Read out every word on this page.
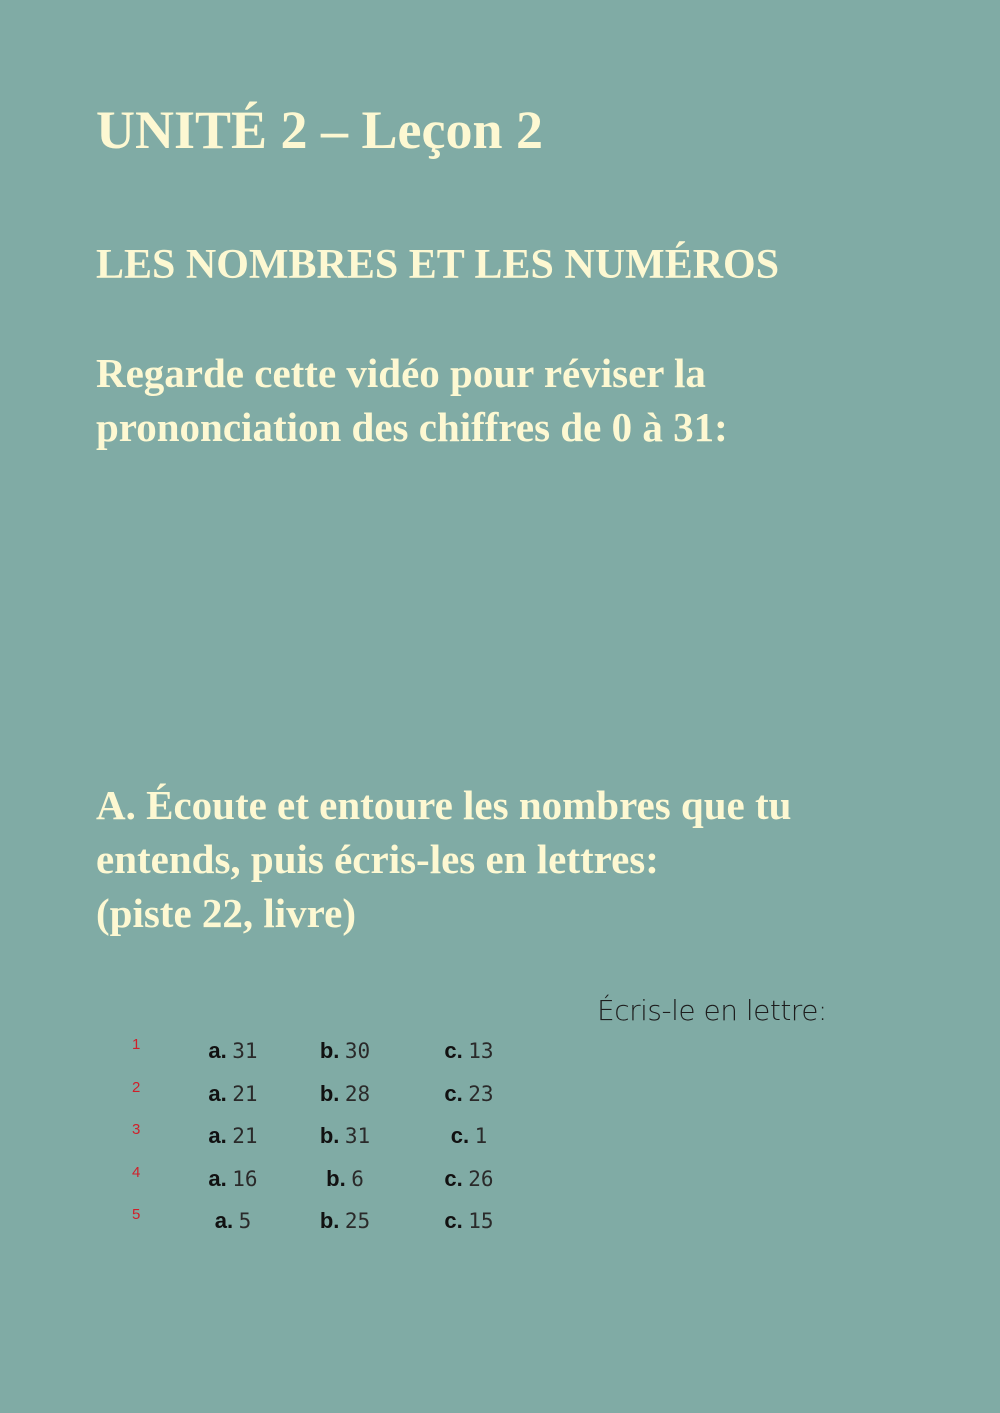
UNITÉ 2 – Leçon 2
LES NOMBRES ET LES NUMÉROS

Regarde cette vidéo pour réviser la
prononciation des chiffres de 0 à 31:

A. Écoute et entoure les nombres que tu
entends, puis écris-les en lettres:
(piste 22, livre)

Écris-le en lettre:
1	a. 31	b. 30	c. 13
2	a. 21	b. 28	c. 23
3	a. 21	b. 31	c. 1
4	a. 16	b. 6	c. 26
5	a. 5	b. 25	c. 15
